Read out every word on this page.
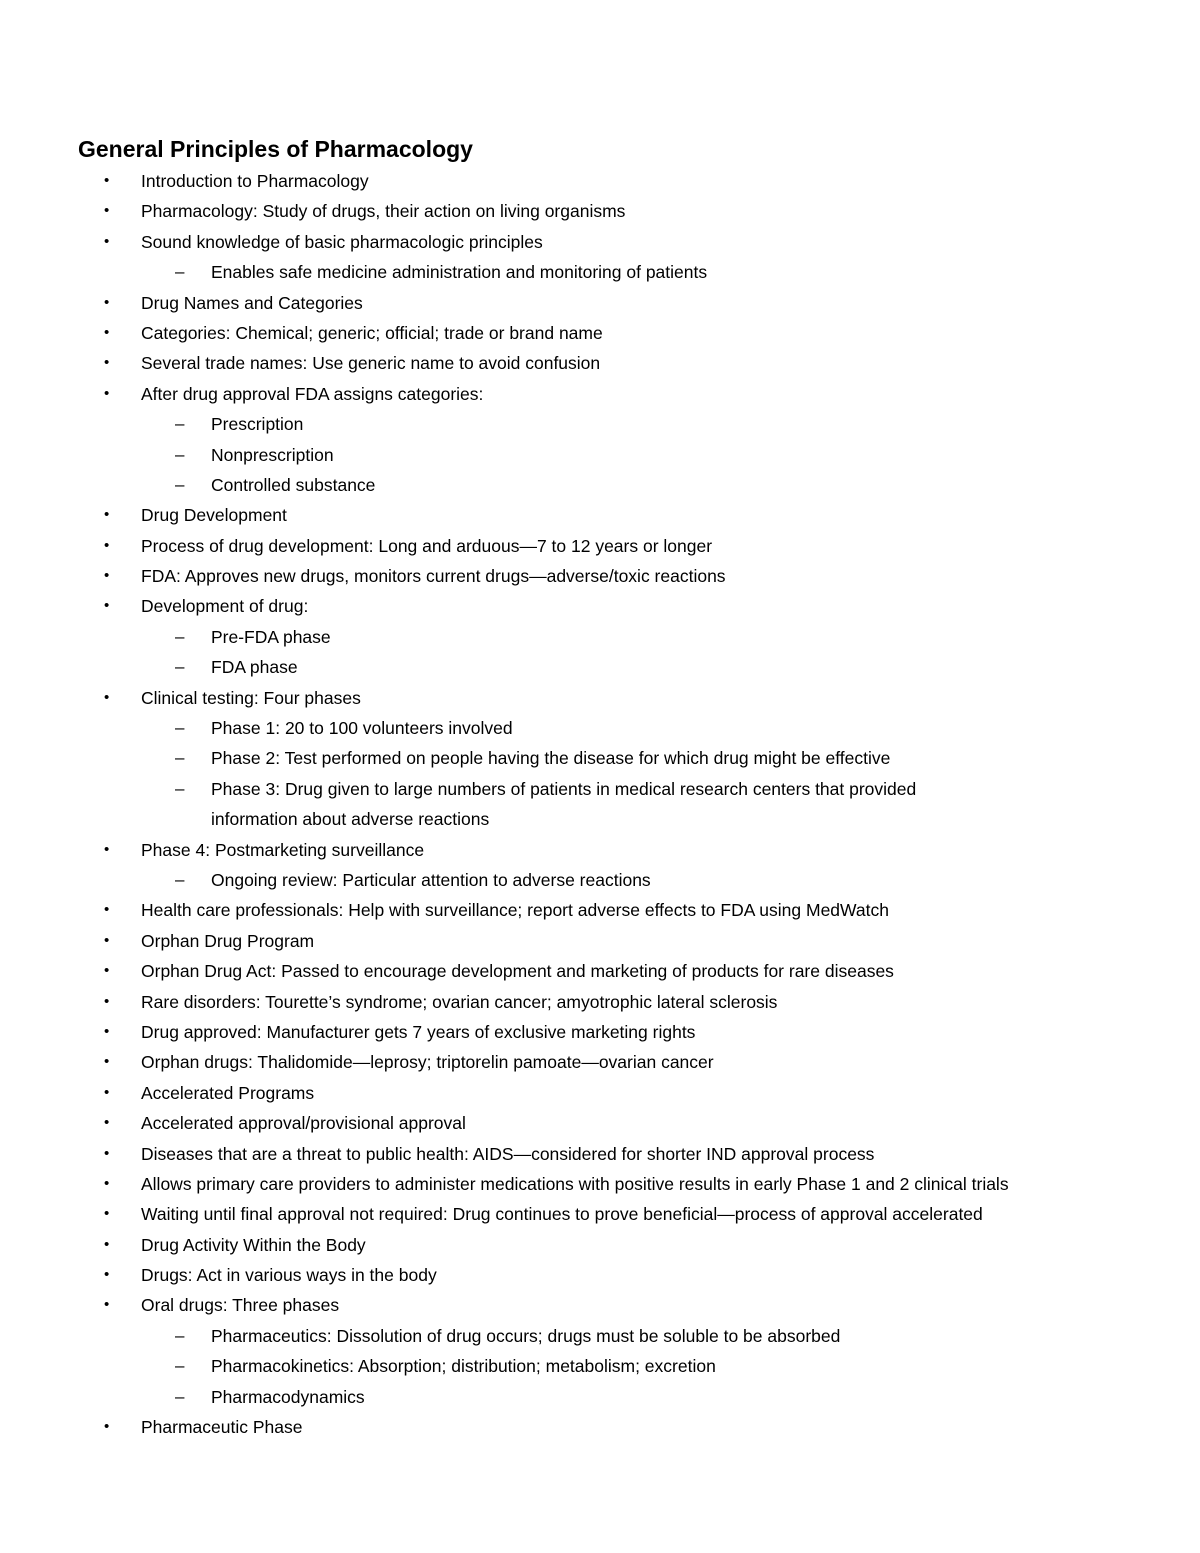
General Principles of Pharmacology
• Introduction to Pharmacology
• Pharmacology: Study of drugs, their action on living organisms
• Sound knowledge of basic pharmacologic principles
– Enables safe medicine administration and monitoring of patients
• Drug Names and Categories
• Categories: Chemical; generic; official; trade or brand name
• Several trade names: Use generic name to avoid confusion
• After drug approval FDA assigns categories:
– Prescription
– Nonprescription
– Controlled substance
• Drug Development
• Process of drug development: Long and arduous—7 to 12 years or longer
• FDA: Approves new drugs, monitors current drugs—adverse/toxic reactions
• Development of drug:
– Pre-FDA phase
– FDA phase
• Clinical testing: Four phases
– Phase 1: 20 to 100 volunteers involved
– Phase 2: Test performed on people having the disease for which drug might be effective
– Phase 3: Drug given to large numbers of patients in medical research centers that provided
information about adverse reactions
• Phase 4: Postmarketing surveillance
– Ongoing review: Particular attention to adverse reactions
• Health care professionals: Help with surveillance; report adverse effects to FDA using MedWatch
• Orphan Drug Program
• Orphan Drug Act: Passed to encourage development and marketing of products for rare diseases
• Rare disorders: Tourette’s syndrome; ovarian cancer; amyotrophic lateral sclerosis
• Drug approved: Manufacturer gets 7 years of exclusive marketing rights
• Orphan drugs: Thalidomide—leprosy; triptorelin pamoate—ovarian cancer
• Accelerated Programs
• Accelerated approval/provisional approval
• Diseases that are a threat to public health: AIDS—considered for shorter IND approval process
• Allows primary care providers to administer medications with positive results in early Phase 1 and 2 clinical trials
• Waiting until final approval not required: Drug continues to prove beneficial—process of approval accelerated
• Drug Activity Within the Body
• Drugs: Act in various ways in the body
• Oral drugs: Three phases
– Pharmaceutics: Dissolution of drug occurs; drugs must be soluble to be absorbed
– Pharmacokinetics: Absorption; distribution; metabolism; excretion
– Pharmacodynamics
• Pharmaceutic Phase
